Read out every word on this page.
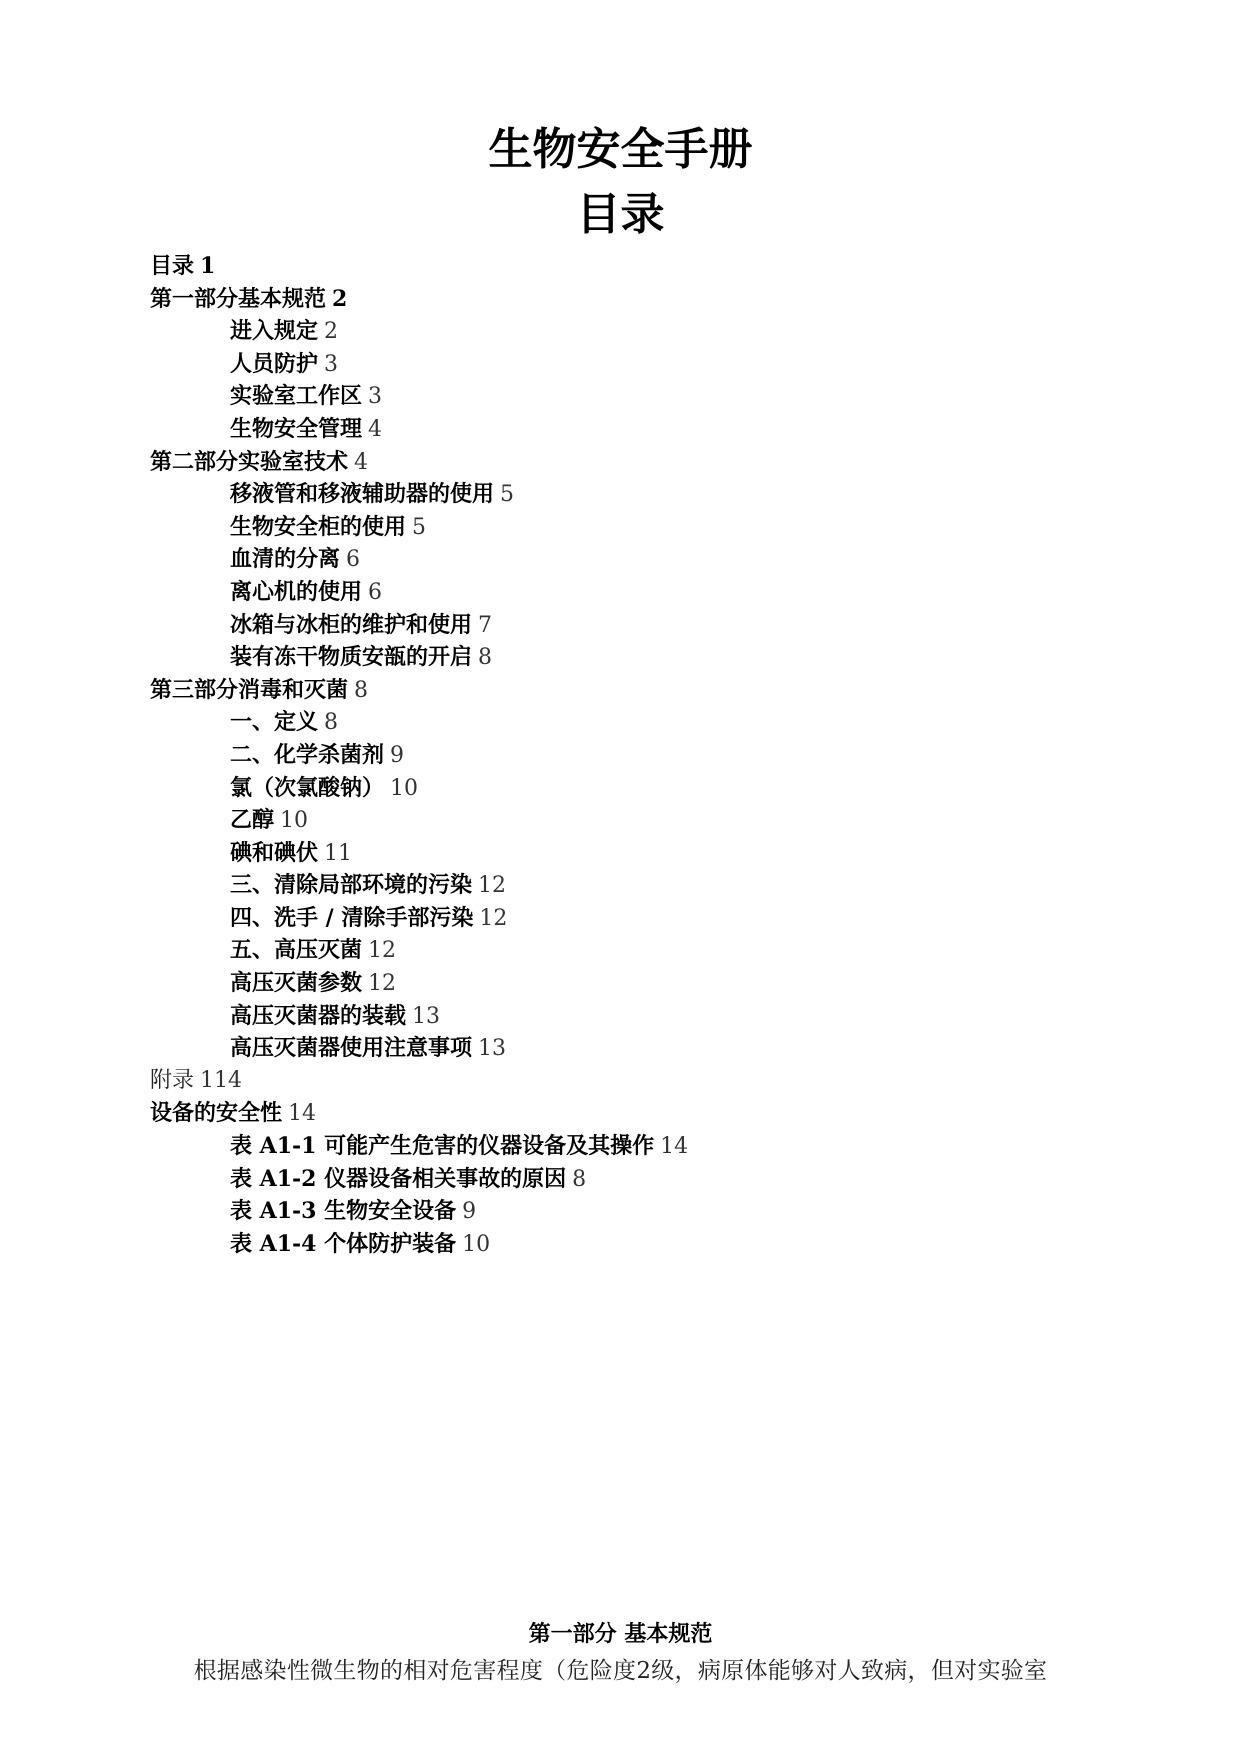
生物安全手册
目录
目录 1
第一部分基本规范 2
进入规定 2
人员防护 3
实验室工作区 3
生物安全管理 4
第二部分实验室技术 4
移液管和移液辅助器的使用 5
生物安全柜的使用 5
血清的分离 6
离心机的使用 6
冰箱与冰柜的维护和使用 7
装有冻干物质安瓿的开启 8
第三部分消毒和灭菌 8
一、定义 8
二、化学杀菌剂 9
氯（次氯酸钠） 10
乙醇 10
碘和碘伏 11
三、清除局部环境的污染 12
四、洗手 / 清除手部污染 12
五、高压灭菌 12
高压灭菌参数 12
高压灭菌器的装载 13
高压灭菌器使用注意事项 13
附录 114
设备的安全性 14
表 A1-1 可能产生危害的仪器设备及其操作 14
表 A1-2 仪器设备相关事故的原因 8
表 A1-3 生物安全设备 9
表 A1-4 个体防护装备 10

第一部分 基本规范

根据感染性微生物的相对危害程度（危险度2级，病原体能够对人致病，但对实验室
